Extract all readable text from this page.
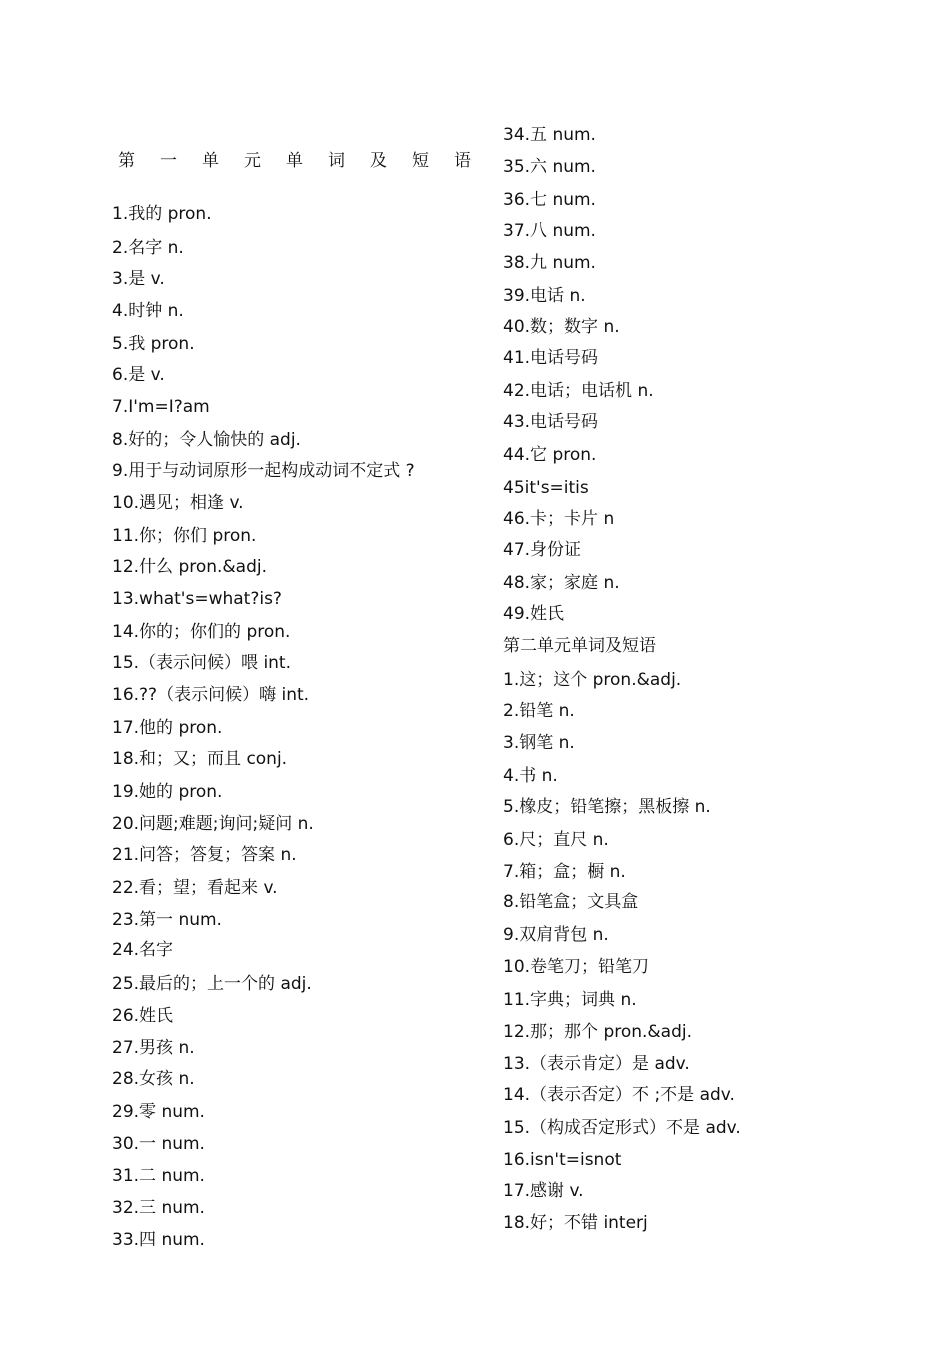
第一单元单词及短语
1.我的 pron.
2.名字 n.
3.是 v.
4.时钟 n.
5.我 pron.
6.是 v.
7.I'm=I?am
8.好的；令人愉快的 adj.
9.用于与动词原形一起构成动词不定式 ?
10.遇见；相逢 v.
11.你；你们 pron.
12.什么 pron.&adj.
13.what's=what?is?
14.你的；你们的 pron.
15.（表示问候）喂 int.
16.??（表示问候）嗨 int.
17.他的 pron.
18.和；又；而且 conj.
19.她的 pron.
20.问题;难题;询问;疑问 n.
21.问答；答复；答案 n.
22.看；望；看起来 v.
23.第一 num.
24.名字
25.最后的；上一个的 adj.
26.姓氏
27.男孩 n.
28.女孩 n.
29.零 num.
30.一 num.
31.二 num.
32.三 num.
33.四 num.
34.五 num.
35.六 num.
36.七 num.
37.八 num.
38.九 num.
39.电话 n.
40.数；数字 n.
41.电话号码
42.电话；电话机 n.
43.电话号码
44.它 pron.
45it's=itis
46.卡；卡片 n
47.身份证
48.家；家庭 n.
49.姓氏
第二单元单词及短语
1.这；这个 pron.&adj.
2.铅笔 n.
3.钢笔 n.
4.书 n.
5.橡皮；铅笔擦；黑板擦 n.
6.尺；直尺 n.
7.箱；盒；橱 n.
8.铅笔盒；文具盒
9.双肩背包 n.
10.卷笔刀；铅笔刀
11.字典；词典 n.
12.那；那个 pron.&adj.
13.（表示肯定）是 adv.
14.（表示否定）不 ;不是 adv.
15.（构成否定形式）不是 adv.
16.isn't=isnot
17.感谢 v.
18.好；不错 interj
